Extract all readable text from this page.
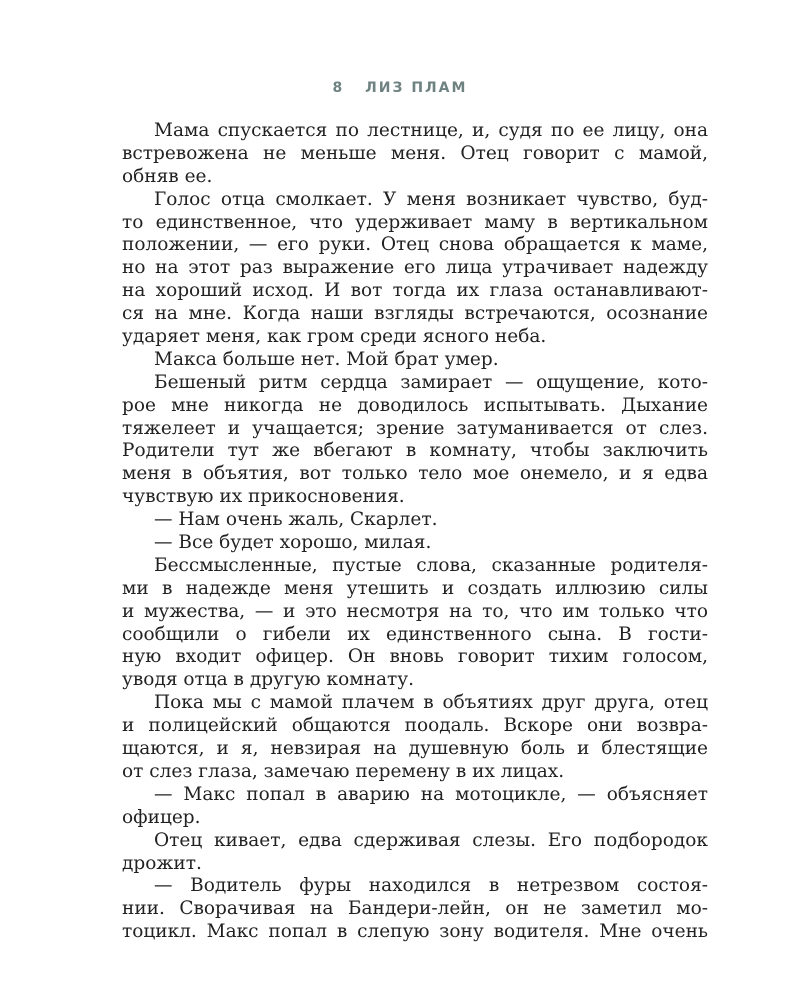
8 ЛИЗ ПЛАМ
Мама спускается по лестнице, и, судя по ее лицу, она
встревожена не меньше меня. Отец говорит с мамой,
обняв ее.
Голос отца смолкает. У меня возникает чувство, буд-
то единственное, что удерживает маму в вертикальном
положении, — его руки. Отец снова обращается к маме,
но на этот раз выражение его лица утрачивает надежду
на хороший исход. И вот тогда их глаза останавливают-
ся на мне. Когда наши взгляды встречаются, осознание
ударяет меня, как гром среди ясного неба.
Макса больше нет. Мой брат умер.
Бешеный ритм сердца замирает — ощущение, кото-
рое мне никогда не доводилось испытывать. Дыхание
тяжелеет и учащается; зрение затуманивается от слез.
Родители тут же вбегают в комнату, чтобы заключить
меня в объятия, вот только тело мое онемело, и я едва
чувствую их прикосновения.
— Нам очень жаль, Скарлет.
— Все будет хорошо, милая.
Бессмысленные, пустые слова, сказанные родителя-
ми в надежде меня утешить и создать иллюзию силы
и мужества, — и это несмотря на то, что им только что
сообщили о гибели их единственного сына. В гости-
ную входит офицер. Он вновь говорит тихим голосом,
уводя отца в другую комнату.
Пока мы с мамой плачем в объятиях друг друга, отец
и полицейский общаются поодаль. Вскоре они возвра-
щаются, и я, невзирая на душевную боль и блестящие
от слез глаза, замечаю перемену в их лицах.
— Макс попал в аварию на мотоцикле, — объясняет
офицер.
Отец кивает, едва сдерживая слезы. Его подбородок
дрожит.
— Водитель фуры находился в нетрезвом состоя-
нии. Сворачивая на Бандери-лейн, он не заметил мо-
тоцикл. Макс попал в слепую зону водителя. Мне очень
